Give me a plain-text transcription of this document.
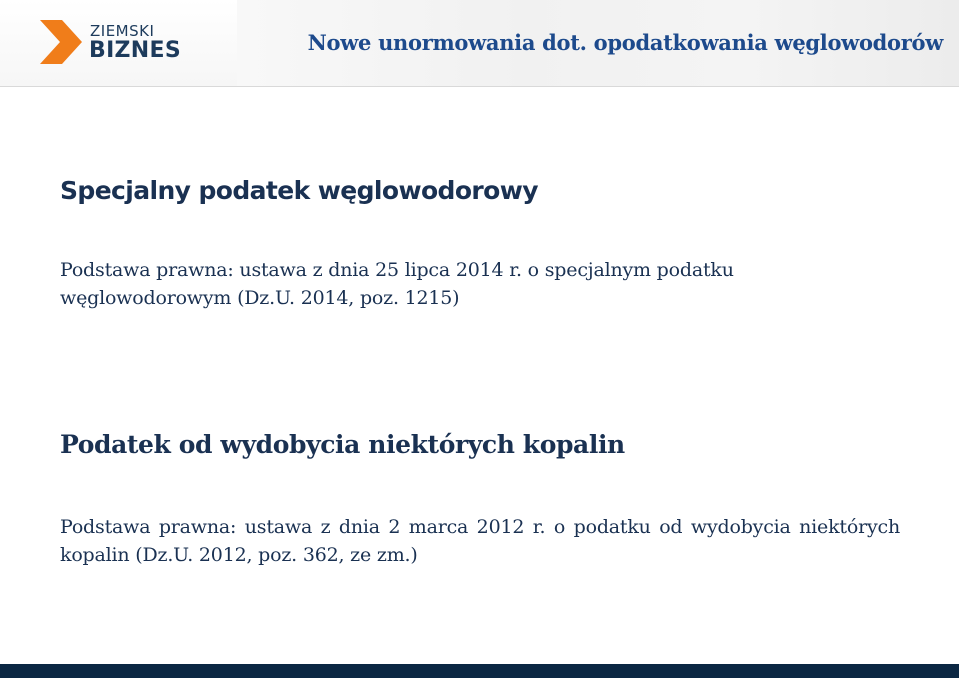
ZIEMSKI
BIZNES	Nowe unormowania dot. opodatkowania węglowodorów
Specjalny podatek węglowodorowy
Podstawa prawna: ustawa z dnia 25 lipca 2014 r. o specjalnym podatku węglowodorowym (Dz.U. 2014, poz. 1215)
Podatek od wydobycia niektórych kopalin
Podstawa prawna: ustawa z dnia 2 marca 2012 r. o podatku od wydobycia niektórych kopalin (Dz.U. 2012, poz. 362, ze zm.)
